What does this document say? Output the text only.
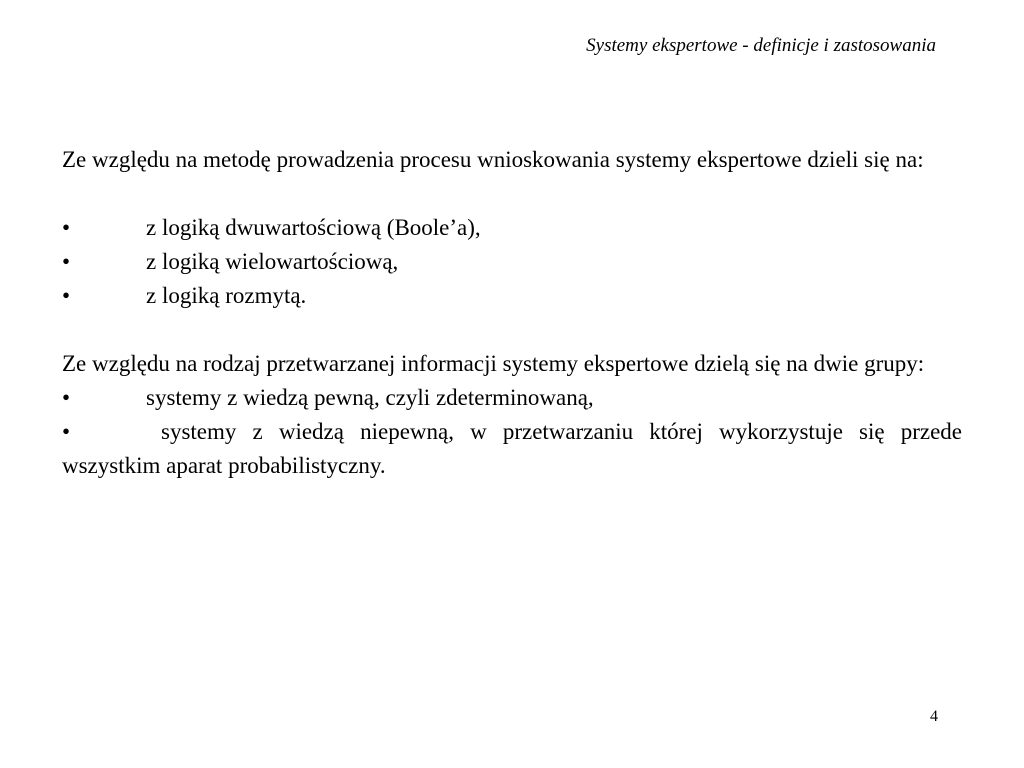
Systemy ekspertowe - definicje i zastosowania

Ze względu na metodę prowadzenia procesu wnioskowania systemy ekspertowe dzieli się na:

•	z logiką dwuwartościową (Boole’a),
•	z logiką wielowartościową,
•	z logiką rozmytą.

Ze względu na rodzaj przetwarzanej informacji systemy ekspertowe dzielą się na dwie grupy:

•	systemy z wiedzą pewną, czyli zdeterminowaną,

•	systemy z wiedzą niepewną, w przetwarzaniu której wykorzystuje się przede wszystkim aparat probabilistyczny.

4
